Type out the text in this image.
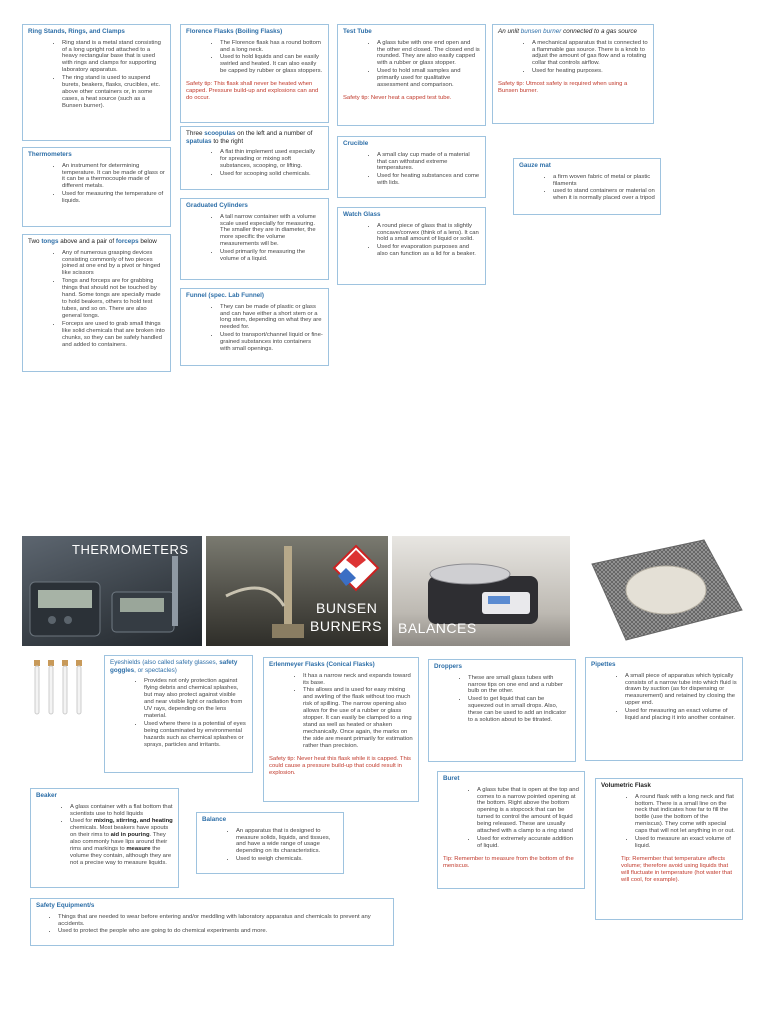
Ring Stands, Rings, and Clamps
• Ring stand is a metal stand consisting of a long upright rod attached to a heavy rectangular base that is used with rings and clamps for supporting laboratory apparatus.
• The ring stand is used to suspend burets, beakers, flasks, crucibles, etc. above other containers or, in some cases, a heat source (such as a Bunsen burner).
Florence Flasks (Boiling Flasks)
• The Florence flask has a round bottom and a long neck.
• Used to hold liquids and can be easily swirled and heated. It can also easily be capped by rubber or glass stoppers.

Safety tip: This flask shall never be heated when capped. Pressure build-up and explosions can and do occur.

Test Tube
• A glass tube with one end open and the other end closed. The closed end is rounded. They are also easily capped with a rubber or glass stopper.
• Used to hold small samples and primarily used for qualitative assessment and comparison.

Safety tip: Never heat a capped test tube.

An unlit bunsen burner connected to a gas source
• A mechanical apparatus that is connected to a flammable gas source. There is a knob to adjust the amount of gas flow and a rotating collar that controls airflow.
• Used for heating purposes.

Safety tip: Utmost safety is required when using a Bunsen burner.

Three scoopulas on the left and a number of spatulas to the right
• A flat thin implement used especially for spreading or mixing soft substances, scooping, or lifting.
• Used for scooping solid chemicals.
Crucible
• A small clay cup made of a material that can withstand extreme temperatures.
• Used for heating substances and come with lids.
Gauze mat
• a firm woven fabric of metal or plastic filaments
• used to stand containers or material on when it is normally placed over a tripod
Thermometers
• An instrument for determining temperature. It can be made of glass or it can be a thermocouple made of different metals.
• Used for measuring the temperature of liquids.
Graduated Cylinders
• A tall narrow container with a volume scale used especially for measuring. The smaller they are in diameter, the more specific the volume measurements will be.
• Used primarily for measuring the volume of a liquid.
Watch Glass
• A round piece of glass that is slightly concave/convex (think of a lens). It can hold a small amount of liquid or solid.
• Used for evaporation purposes and also can function as a lid for a beaker.
Two tongs above and a pair of forceps below
• Any of numerous grasping devices consisting commonly of two pieces joined at one end by a pivot or hinged like scissors
• Tongs and forceps are for grabbing things that should not be touched by hand. Some tongs are specially made to hold beakers, others to hold test tubes, and so on. There are also general tongs.
• Forceps are used to grab small things like solid chemicals that are broken into chunks, so they can be safely handled and added to containers.
Funnel (spec. Lab Funnel)
• They can be made of plastic or glass and can have either a short stem or a long stem, depending on what they are needed for.
• Used to transport/channel liquid or fine-grained substances into containers with small openings.
THERMOMETERS
BUNSEN
BURNERS BALANCES
Eyeshields (also called safety glasses, safety goggles, or spectacles)
• Provides not only protection against flying debris and chemical splashes, but may also protect against visible and near visible light or radiation from UV rays, depending on the lens material.
• Used where there is a potential of eyes being contaminated by environmental hazards such as chemical splashes or sprays, particles and irritants.
Erlenmeyer Flasks (Conical Flasks)
• It has a narrow neck and expands toward its base.
• This allows and is used for easy mixing and swirling of the flask without too much risk of spilling. The narrow opening also allows for the use of a rubber or glass stopper. It can easily be clamped to a ring stand as well as heated or shaken mechanically. Once again, the marks on the side are meant primarily for estimation rather than precision.

Safety tip: Never heat this flask while it is capped. This could cause a pressure build-up that could result in explosion.

Droppers
• These are small glass tubes with narrow tips on one end and a rubber bulb on the other.
• Used to get liquid that can be squeezed out in small drops. Also, these can be used to add an indicator to a solution about to be titrated.
Pipettes
• A small piece of apparatus which typically consists of a narrow tube into which fluid is drawn by suction (as for dispensing or measurement) and retained by closing the upper end.
• Used for measuring an exact volume of liquid and placing it into another container.
Beaker
• A glass container with a flat bottom that scientists use to hold liquids
• Used for mixing, stirring, and heating chemicals. Most beakers have spouts on their rims to aid in pouring. They also commonly have lips around their rims and markings to measure the volume they contain, although they are not a precise way to measure liquids.
Balance
• An apparatus that is designed to measure solids, liquids, and tissues, and have a wide range of usage depending on its characteristics.
• Used to weigh chemicals.
Buret
• A glass tube that is open at the top and comes to a narrow pointed opening at the bottom. Right above the bottom opening is a stopcock that can be turned to control the amount of liquid being released. These are usually attached with a clamp to a ring stand
• Used for extremely accurate addition of liquid.

Tip: Remember to measure from the bottom of the meniscus.

Volumetric Flask
• A round flask with a long neck and flat bottom. There is a small line on the neck that indicates how far to fill the bottle (use the bottom of the meniscus). They come with special caps that will not let anything in or out.
• Used to measure an exact volume of liquid.

Tip: Remember that temperature affects volume; therefore avoid using liquids that will fluctuate in temperature (hot water that will cool, for example).

Safety Equipment/s
• Things that are needed to wear before entering and/or meddling with laboratory apparatus and chemicals to prevent any accidents.
• Used to protect the people who are going to do chemical experiments and more.
